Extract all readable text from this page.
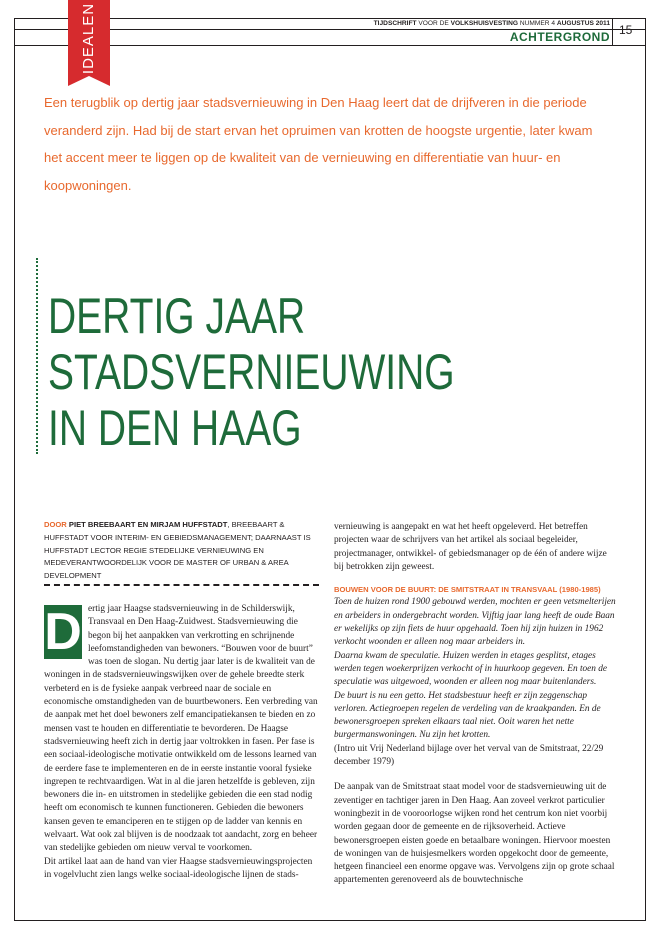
IDEALEN	TIJDSCHRIFT VOOR DE VOLKSHUISVESTING NUMMER 4 AUGUSTUS 2011
ACHTERGROND 15
Een terugblik op dertig jaar stadsvernieuwing in Den Haag leert dat de drijfveren in die periode veranderd zijn. Had bij de start ervan het opruimen van krotten de hoogste urgentie, later kwam het accent meer te liggen op de kwaliteit van de vernieuwing en differentiatie van huur- en koopwoningen.
DERTIG JAAR
STADSVERNIEUWING
IN DEN HAAG
DOOR PIET BREEBAART EN MIRJAM HUFFSTADT, BREEBAART & HUFFSTADT VOOR INTERIM- EN GEBIEDSMANAGEMENT; DAARNAAST IS HUFFSTADT LECTOR REGIE STEDELIJKE VERNIEUWING EN MEDEVERANTWOORDELIJK VOOR DE MASTER OF URBAN & AREA DEVELOPMENT
D ertig jaar Haagse stadsvernieuwing in de Schilderswijk, Transvaal en Den Haag-Zuidwest. Stadsvernieuwing die begon bij het aanpakken van verkrotting en schrijnende leefomstandigheden van bewoners. “Bouwen voor de buurt” was toen de slogan. Nu dertig jaar later is de kwaliteit van de woningen in de stadsvernieuwingswijken over de gehele breedte sterk verbeterd en is de fysieke aanpak verbreed naar de sociale en economische omstandigheden van de buurtbewoners. Een verbreding van de aanpak met het doel bewoners zelf emancipatiekansen te bieden en zo mensen vast te houden en differentiatie te bevorderen. De Haagse stadsvernieuwing heeft zich in dertig jaar voltrokken in fasen. Per fase is een sociaal-ideologische motivatie ontwikkeld om de lessons learned van de eerdere fase te implementeren en de in eerste instantie vooral fysieke ingrepen te rechtvaardigen. Wat in al die jaren hetzelfde is gebleven, zijn bewoners die in- en uitstromen in stedelijke gebieden die een stad nodig heeft om economisch te kunnen functioneren. Gebieden die bewoners kansen geven te emanciperen en te stijgen op de ladder van kennis en welvaart. Wat ook zal blijven is de noodzaak tot aandacht, zorg en beheer van stedelijke gebieden om nieuw verval te voorkomen.

Dit artikel laat aan de hand van vier Haagse stadsvernieuwingsprojecten in vogelvlucht zien langs welke sociaal-ideologische lijnen de stads-

vernieuwing is aangepakt en wat het heeft opgeleverd. Het betreffen projecten waar de schrijvers van het artikel als sociaal begeleider, projectmanager, ontwikkel- of gebiedsmanager op de één of andere wijze bij betrokken zijn geweest.

BOUWEN VOOR DE BUURT: DE SMITSTRAAT IN TRANSVAAL (1980-1985)

Toen de huizen rond 1900 gebouwd werden, mochten er geen vetsmelterijen en arbeiders in ondergebracht worden. Vijftig jaar lang heeft de oude Baan er wekelijks op zijn fiets de huur opgehaald. Toen hij zijn huizen in 1962 verkocht woonden er alleen nog maar arbeiders in.

Daarna kwam de speculatie. Huizen werden in etages gesplitst, etages werden tegen woekerprijzen verkocht of in huurkoop gegeven. En toen de speculatie was uitgewoed, woonden er alleen nog maar buitenlanders.

De buurt is nu een getto. Het stadsbestuur heeft er zijn zeggenschap verloren. Actiegroepen regelen de verdeling van de kraakpanden. En de bewonersgroepen spreken elkaars taal niet. Ooit waren het nette burgermanswoningen. Nu zijn het krotten.

(Intro uit Vrij Nederland bijlage over het verval van de Smitstraat, 22/29 december 1979)

De aanpak van de Smitstraat staat model voor de stadsvernieuwing uit de zeventiger en tachtiger jaren in Den Haag. Aan zoveel verkrot particulier woningbezit in de vooroorlogse wijken rond het centrum kon niet voorbij worden gegaan door de gemeente en de rijksoverheid. Actieve bewonersgroepen eisten goede en betaalbare woningen. Hiervoor moesten de woningen van de huisjesmelkers worden opgekocht door de gemeente, hetgeen financieel een enorme opgave was. Vervolgens zijn op grote schaal appartementen gerenoveerd als de bouwtechnische
